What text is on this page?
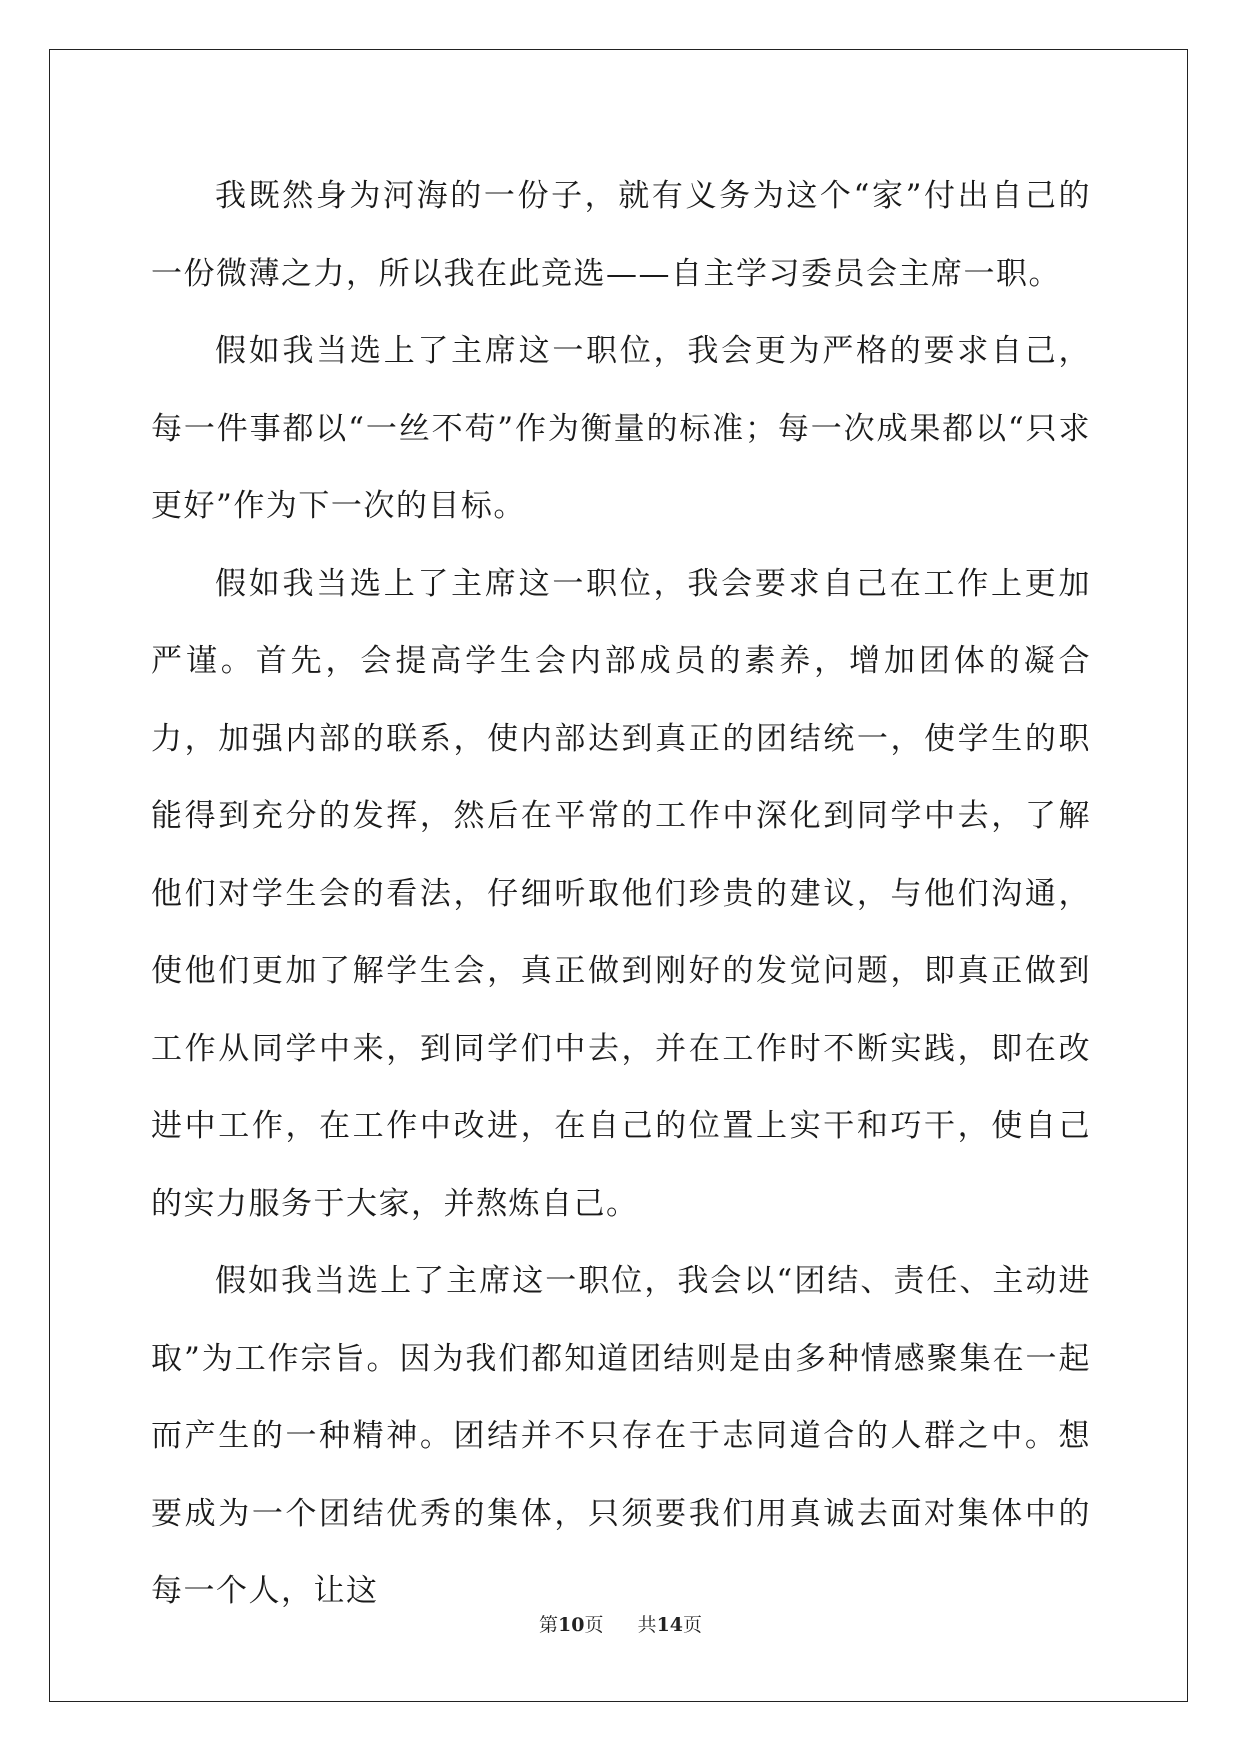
我既然身为河海的一份子，就有义务为这个“家”付出自己的一份微薄之力，所以我在此竞选——自主学习委员会主席一职。

假如我当选上了主席这一职位，我会更为严格的要求自己，每一件事都以“一丝不苟”作为衡量的标准；每一次成果都以“只求更好”作为下一次的目标。

假如我当选上了主席这一职位，我会要求自己在工作上更加严谨。首先，会提高学生会内部成员的素养，增加团体的凝合力，加强内部的联系，使内部达到真正的团结统一，使学生的职能得到充分的发挥，然后在平常的工作中深化到同学中去，了解他们对学生会的看法，仔细听取他们珍贵的建议，与他们沟通，使他们更加了解学生会，真正做到刚好的发觉问题，即真正做到工作从同学中来，到同学们中去，并在工作时不断实践，即在改进中工作，在工作中改进，在自己的位置上实干和巧干，使自己的实力服务于大家，并熬炼自己。

假如我当选上了主席这一职位，我会以“团结、责任、主动进取”为工作宗旨。因为我们都知道团结则是由多种情感聚集在一起而产生的一种精神。团结并不只存在于志同道合的人群之中。想要成为一个团结优秀的集体，只须要我们用真诚去面对集体中的每一个人，让这

第10页 共14页
